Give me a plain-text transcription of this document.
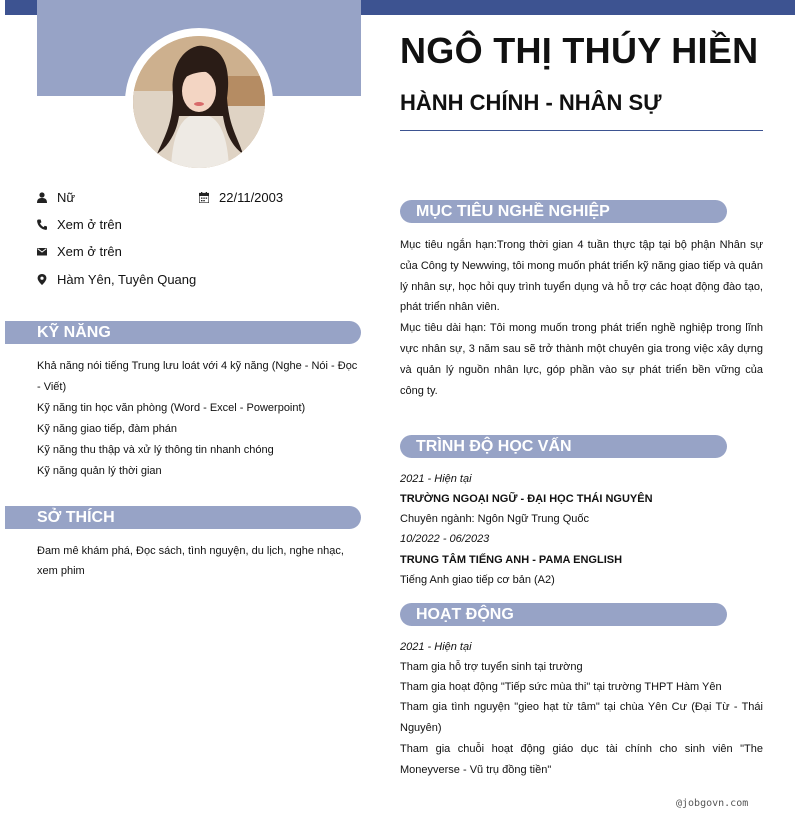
NGÔ THỊ THÚY HIỀN
HÀNH CHÍNH - NHÂN SỰ
Nữ	22/11/2003
Xem ở trên
Xem ở trên
Hàm Yên, Tuyên Quang
KỸ NĂNG
Khả năng nói tiếng Trung lưu loát với 4 kỹ năng (Nghe - Nói - Đọc - Viết)
Kỹ năng tin học văn phòng (Word - Excel - Powerpoint)
Kỹ năng giao tiếp, đàm phán
Kỹ năng thu thập và xử lý thông tin nhanh chóng
Kỹ năng quản lý thời gian
SỞ THÍCH
Đam mê khám phá, Đọc sách, tình nguyện, du lịch, nghe nhạc, xem phim
MỤC TIÊU NGHỀ NGHIỆP
Mục tiêu ngắn hạn:Trong thời gian 4 tuần thực tập tại bộ phận Nhân sự của Công ty Newwing, tôi mong muốn phát triển kỹ năng giao tiếp và quản lý nhân sự, học hỏi quy trình tuyển dụng và hỗ trợ các hoạt động đào tạo, phát triển nhân viên.
Mục tiêu dài hạn: Tôi mong muốn trong phát triển nghề nghiệp trong lĩnh vực nhân sự, 3 năm sau sẽ trở thành một chuyên gia trong việc xây dựng và quản lý nguồn nhân lực, góp phần vào sự phát triển bền vững của công ty.
TRÌNH ĐỘ HỌC VẤN
2021 - Hiện tại
TRƯỜNG NGOẠI NGỮ - ĐẠI HỌC THÁI NGUYÊN
Chuyên ngành: Ngôn Ngữ Trung Quốc
10/2022 - 06/2023
TRUNG TÂM TIẾNG ANH - PAMA ENGLISH
Tiếng Anh giao tiếp cơ bản (A2)
HOẠT ĐỘNG
2021 - Hiện tại
Tham gia hỗ trợ tuyển sinh tại trường
Tham gia hoạt động "Tiếp sức mùa thi" tại trường THPT Hàm Yên
Tham gia tình nguyện "gieo hạt từ tâm" tại chùa Yên Cư (Đại Từ - Thái Nguyên)
Tham gia chuỗi hoạt động giáo dục tài chính cho sinh viên "The Moneyverse - Vũ trụ đồng tiền"
@jobgovn.com
